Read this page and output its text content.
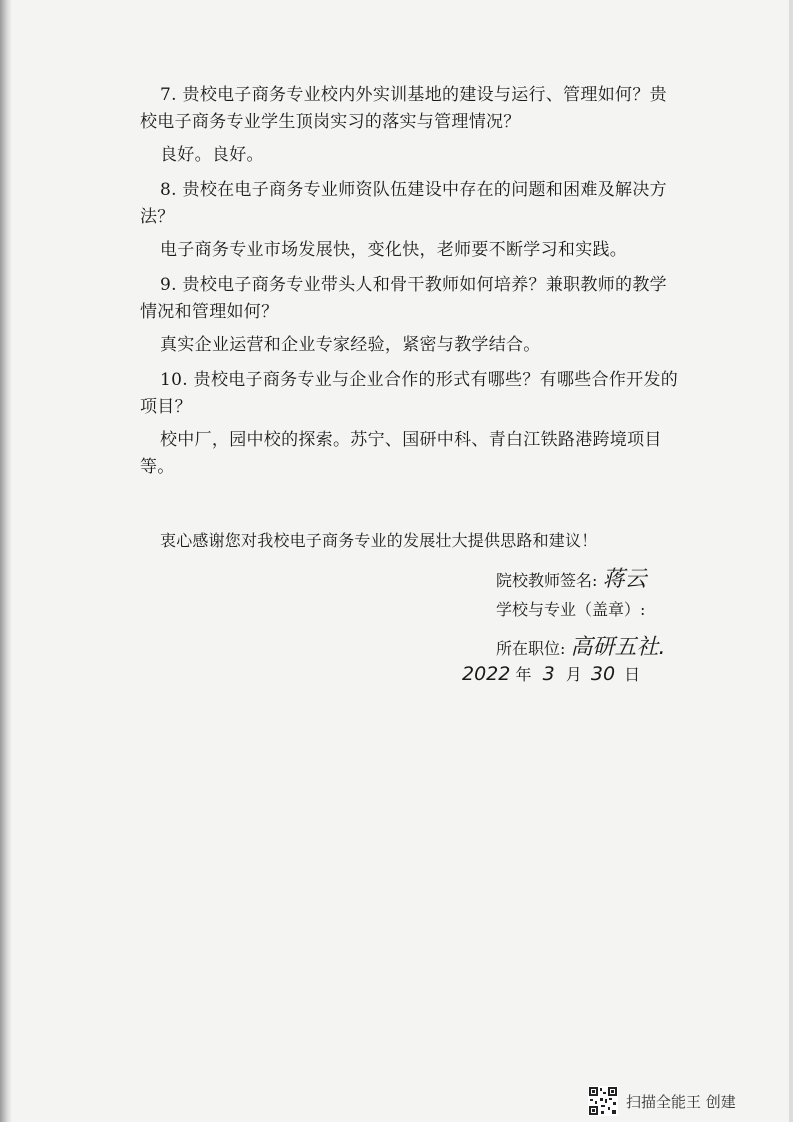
7. 贵校电子商务专业校内外实训基地的建设与运行、管理如何？贵校电子商务专业学生顶岗实习的落实与管理情况？

良好。良好。

8. 贵校在电子商务专业师资队伍建设中存在的问题和困难及解决方法？

电子商务专业市场发展快，变化快，老师要不断学习和实践。

9. 贵校电子商务专业带头人和骨干教师如何培养？兼职教师的教学情况和管理如何？

真实企业运营和企业专家经验，紧密与教学结合。

10. 贵校电子商务专业与企业合作的形式有哪些？有哪些合作开发的项目？

校中厂，园中校的探索。苏宁、国研中科、青白江铁路港跨境项目等。

衷心感谢您对我校电子商务专业的发展壮大提供思路和建议！
院校教师签名: 蒋云
学校与专业（盖章）:
所在职位: 高研五社.
2022 年 3 月 30 日
扫描全能王 创建
